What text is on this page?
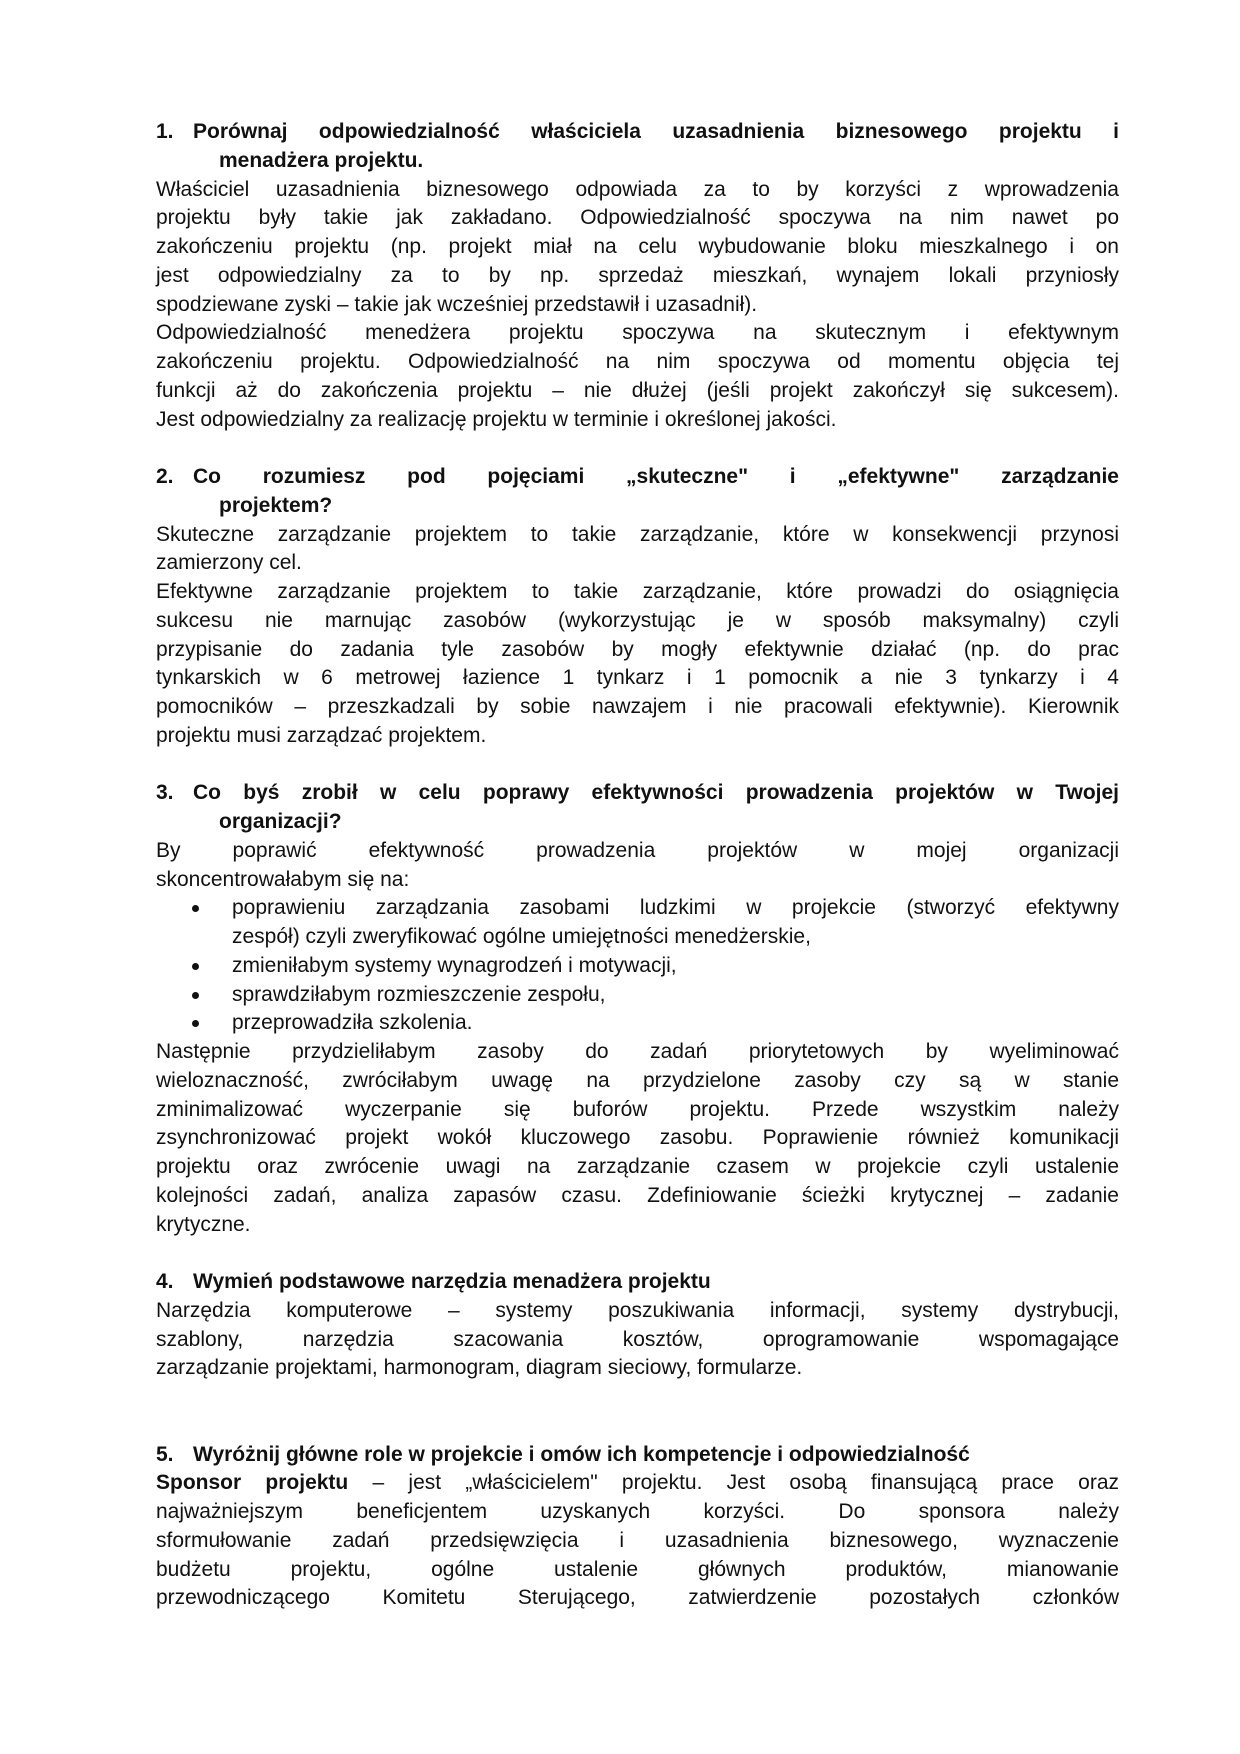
1. Porównaj odpowiedzialność właściciela uzasadnienia biznesowego projektu i
menadżera projektu.
Właściciel uzasadnienia biznesowego odpowiada za to by korzyści z wprowadzenia
projektu były takie jak zakładano. Odpowiedzialność spoczywa na nim nawet po
zakończeniu projektu (np. projekt miał na celu wybudowanie bloku mieszkalnego i on
jest odpowiedzialny za to by np. sprzedaż mieszkań, wynajem lokali przyniosły
spodziewane zyski – takie jak wcześniej przedstawił i uzasadnił).
Odpowiedzialność menedżera projektu spoczywa na skutecznym i efektywnym
zakończeniu projektu. Odpowiedzialność na nim spoczywa od momentu objęcia tej
funkcji aż do zakończenia projektu – nie dłużej (jeśli projekt zakończył się sukcesem).
Jest odpowiedzialny za realizację projektu w terminie i określonej jakości.
2. Co rozumiesz pod pojęciami „skuteczne" i „efektywne" zarządzanie
projektem?
Skuteczne zarządzanie projektem to takie zarządzanie, które w konsekwencji przynosi
zamierzony cel.
Efektywne zarządzanie projektem to takie zarządzanie, które prowadzi do osiągnięcia
sukcesu nie marnując zasobów (wykorzystując je w sposób maksymalny) czyli
przypisanie do zadania tyle zasobów by mogły efektywnie działać (np. do prac
tynkarskich w 6 metrowej łazience 1 tynkarz i 1 pomocnik a nie 3 tynkarzy i 4
pomocników – przeszkadzali by sobie nawzajem i nie pracowali efektywnie). Kierownik
projektu musi zarządzać projektem.
3. Co byś zrobił w celu poprawy efektywności prowadzenia projektów w Twojej
organizacji?
By poprawić efektywność prowadzenia projektów w mojej organizacji
skoncentrowałabym się na:
poprawieniu zarządzania zasobami ludzkimi w projekcie (stworzyć efektywny
zespół) czyli zweryfikować ogólne umiejętności menedżerskie,
zmieniłabym systemy wynagrodzeń i motywacji,
sprawdziłabym rozmieszczenie zespołu,
przeprowadziła szkolenia.
Następnie przydzieliłabym zasoby do zadań priorytetowych by wyeliminować
wieloznaczność, zwróciłabym uwagę na przydzielone zasoby czy są w stanie
zminimalizować wyczerpanie się buforów projektu. Przede wszystkim należy
zsynchronizować projekt wokół kluczowego zasobu. Poprawienie również komunikacji
projektu oraz zwrócenie uwagi na zarządzanie czasem w projekcie czyli ustalenie
kolejności zadań, analiza zapasów czasu. Zdefiniowanie ścieżki krytycznej – zadanie
krytyczne.
4. Wymień podstawowe narzędzia menadżera projektu
Narzędzia komputerowe – systemy poszukiwania informacji, systemy dystrybucji,
szablony, narzędzia szacowania kosztów, oprogramowanie wspomagające
zarządzanie projektami, harmonogram, diagram sieciowy, formularze.
5. Wyróżnij główne role w projekcie i omów ich kompetencje i odpowiedzialność
Sponsor projektu – jest „właścicielem" projektu. Jest osobą finansującą prace oraz
najważniejszym beneficjentem uzyskanych korzyści. Do sponsora należy
sformułowanie zadań przedsięwzięcia i uzasadnienia biznesowego, wyznaczenie
budżetu projektu, ogólne ustalenie głównych produktów, mianowanie
przewodniczącego Komitetu Sterującego, zatwierdzenie pozostałych członków
